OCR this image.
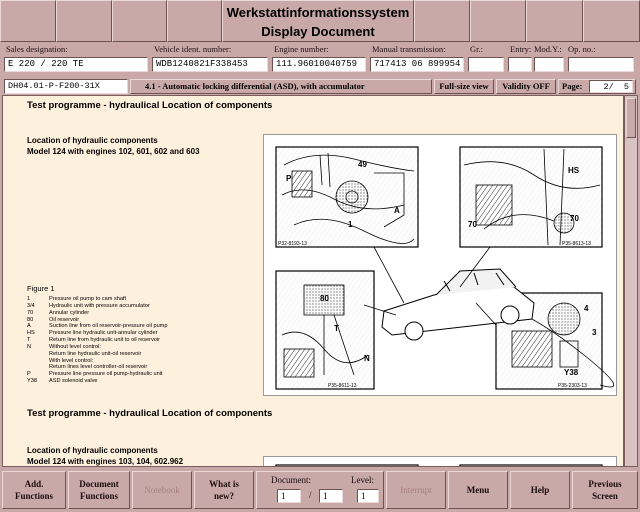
Werkstattinformationssystem
Display Document
Sales designation:
E 220 / 220 TE
Vehicle ident. number:
WDB1240821F338453
Engine number:
111.96010040759
Manual transmission:
717413 06 899954
Gr.:	Entry: Mod.Y.: Op. no.:
DH04.01-P-F200-31X	4.1 - Automatic locking differential (ASD), with accumulator	Full-size view	Validity OFF	Page:	2/  5
Test programme - hydraulical Location of components
Location of hydraulic components
Model 124 with engines 102, 601, 602 and 603
Figure 1
1	Pressure oil pump to cam shaft
3/4	Hydraulic unit with pressure accumulator
70	Annular cylinder
80	Oil reservoir
A	Suction line from oil reservoir-pressure oil pump
HS	Pressure line hydraulic unit-annular cylinder
T	Return line from hydraulic unit to oil reservoir
N	Without level control:
Return line hydraulic unit-oil reservoir
With level control:
Return lines level controller-oil reservoir
P	Pressure line pressure oil pump-hydraulic unit
Y38	ASD solenoid valve
49
P
1
A
HS
70
70
80
T
N
4
3
Y38
P32-8193-13	P35-8613-13
P35-8611-13	P35-2303-13
Test programme - hydraulical Location of components
Location of hydraulic components
Model 124 with engines 103, 104, 602.962
Add.
Functions
Document
Functions
Notebook
What is
new?
Document:
1	/	1
Level:
1
Interrupt	Menu	Help
Previous
Screen
